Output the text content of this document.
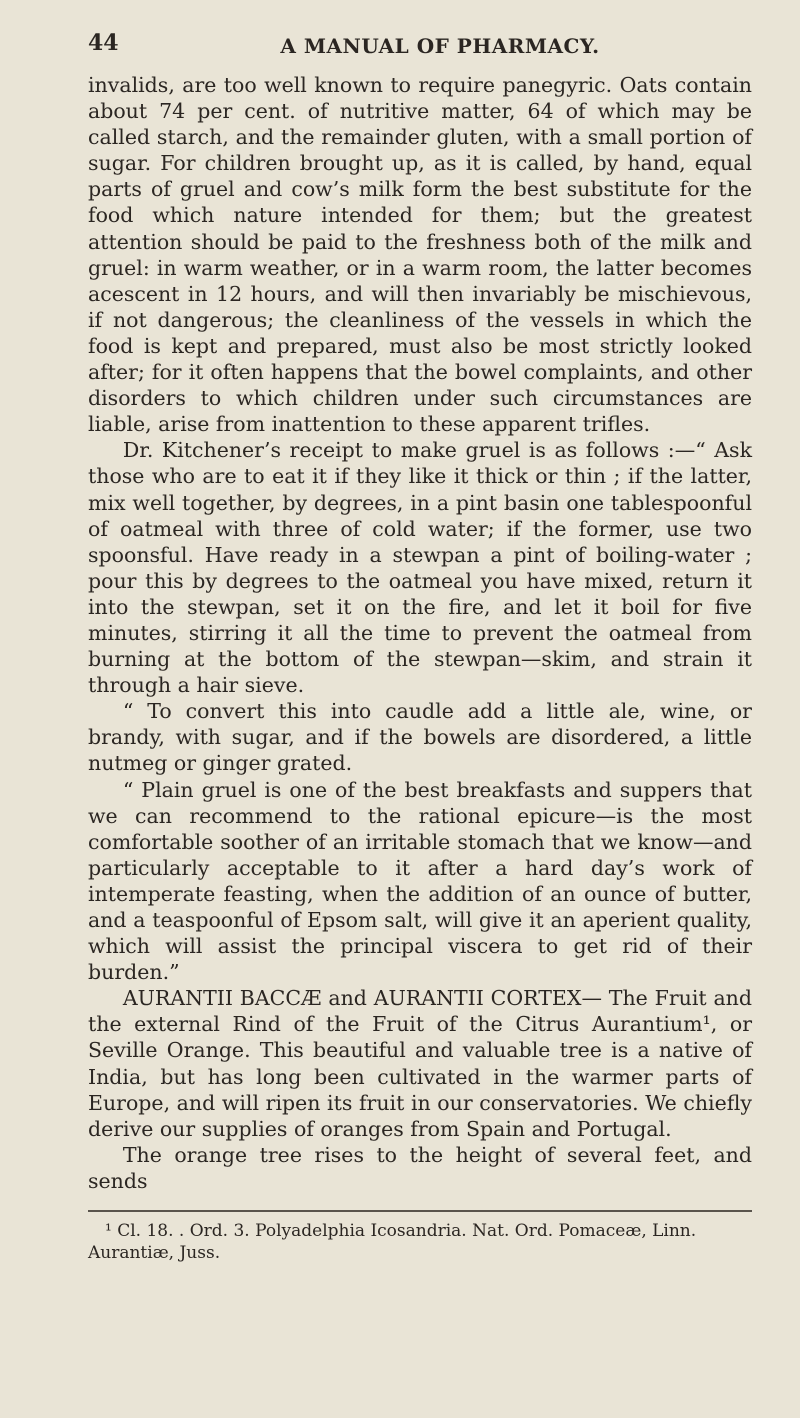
44	A MANUAL OF PHARMACY.

invalids, are too well known to require panegyric. Oats contain about 74 per cent. of nutritive matter, 64 of which may be called starch, and the remainder gluten, with a small portion of sugar. For children brought up, as it is called, by hand, equal parts of gruel and cow’s milk form the best substitute for the food which nature intended for them; but the greatest attention should be paid to the freshness both of the milk and gruel: in warm weather, or in a warm room, the latter becomes acescent in 12 hours, and will then invariably be mischievous, if not dangerous; the cleanliness of the vessels in which the food is kept and prepared, must also be most strictly looked after; for it often happens that the bowel complaints, and other disorders to which children under such circumstances are liable, arise from inattention to these apparent trifles.

Dr. Kitchener’s receipt to make gruel is as follows :—“ Ask those who are to eat it if they like it thick or thin ; if the latter, mix well together, by degrees, in a pint basin one tablespoonful of oatmeal with three of cold water; if the former, use two spoonsful. Have ready in a stewpan a pint of boiling-water ; pour this by degrees to the oatmeal you have mixed, return it into the stewpan, set it on the fire, and let it boil for five minutes, stirring it all the time to prevent the oatmeal from burning at the bottom of the stewpan—skim, and strain it through a hair sieve.

“ To convert this into caudle add a little ale, wine, or brandy, with sugar, and if the bowels are disordered, a little nutmeg or ginger grated.

“ Plain gruel is one of the best breakfasts and suppers that we can recommend to the rational epicure—is the most comfortable soother of an irritable stomach that we know—and particularly acceptable to it after a hard day’s work of intemperate feasting, when the addition of an ounce of butter, and a teaspoonful of Epsom salt, will give it an aperient quality, which will assist the principal viscera to get rid of their burden.”

AURANTII BACCÆ and AURANTII CORTEX— The Fruit and the external Rind of the Fruit of the Citrus Aurantium¹, or Seville Orange. This beautiful and valuable tree is a native of India, but has long been cultivated in the warmer parts of Europe, and will ripen its fruit in our conservatories. We chiefly derive our supplies of oranges from Spain and Portugal.

The orange tree rises to the height of several feet, and sends

¹ Cl. 18. . Ord. 3. Polyadelphia Icosandria. Nat. Ord. Pomaceæ, Linn. Aurantiæ, Juss.
